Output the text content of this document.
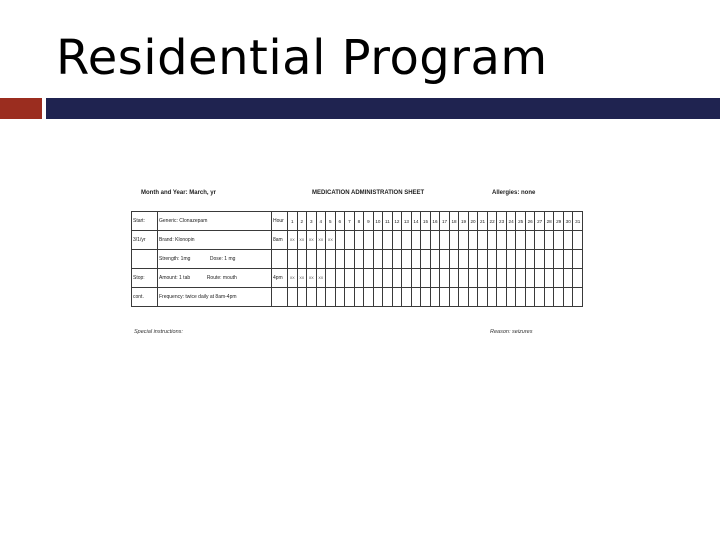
Residential Program
Month and Year: March, yr	MEDICATION ADMINISTRATION SHEET	Allergies: none
Start:	Generic: Clonazepam	Hour	1	2	3	4	5	6	7	8	9	10	11	12	13	14	15	16	17	18	19	20	21	22	23	24	25	26	27	28	29	30	31
3/1/yr	Brand: Klonopin	8am	XX	XX	XX	XX	XX																										
	Strength: 1mg Dose: 1 mg																																
Stop:	Amount: 1 tab Route: mouth	4pm	XX	XX	XX	XX																											
cont.	Frequency: twice daily at 8am-4pm																																
Special instructions:	Reason: seizures
